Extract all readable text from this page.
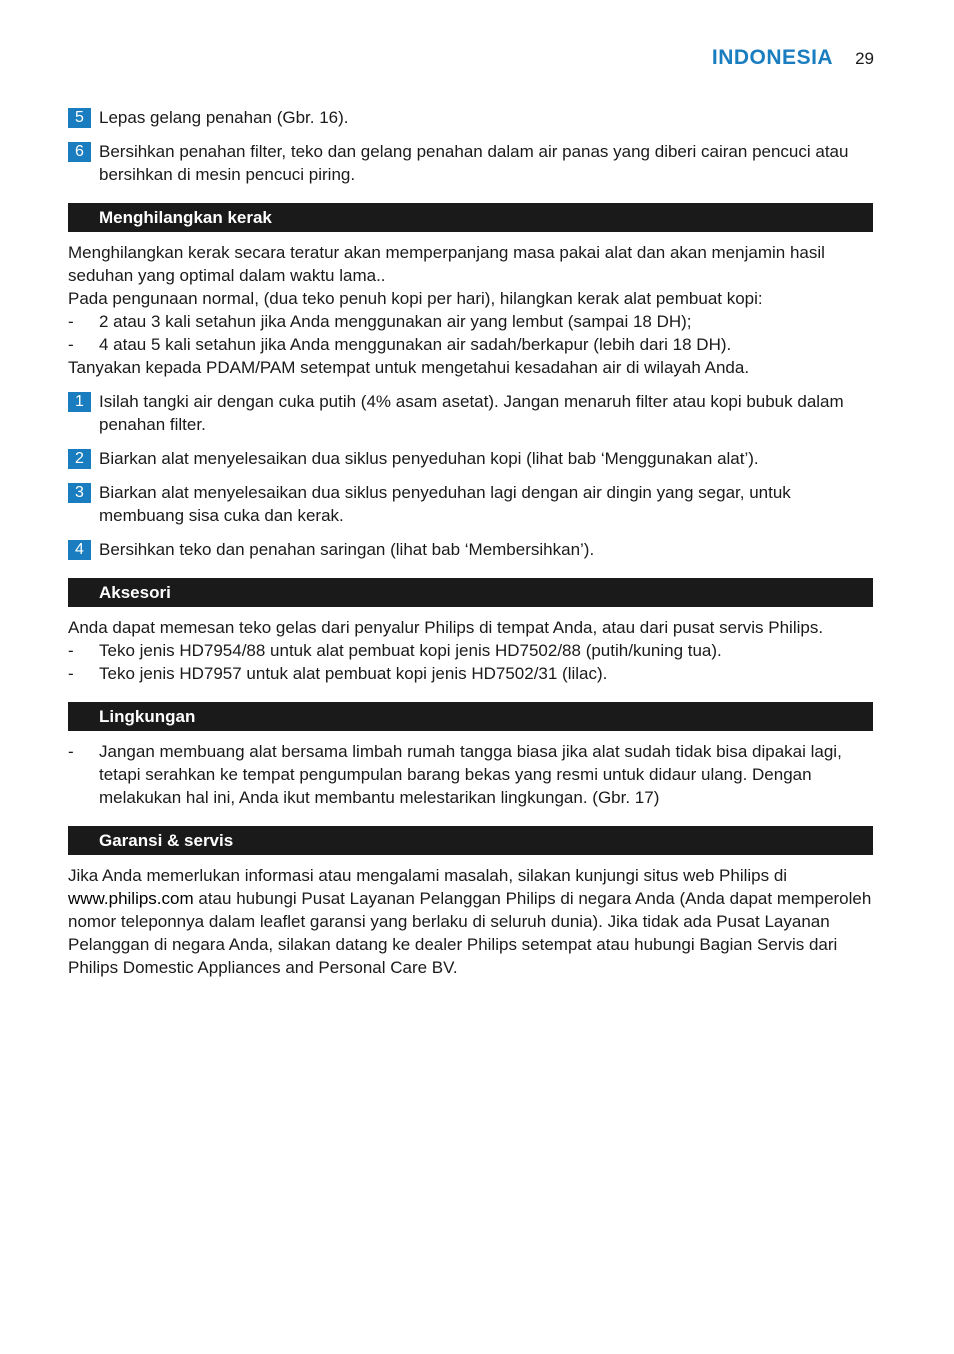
INDONESIA 29
5 Lepas gelang penahan (Gbr. 16).
6 Bersihkan penahan filter, teko dan gelang penahan dalam air panas yang diberi cairan pencuci atau bersihkan di mesin pencuci piring.
Menghilangkan kerak

Menghilangkan kerak secara teratur akan memperpanjang masa pakai alat dan akan menjamin hasil seduhan yang optimal dalam waktu lama..

Pada pengunaan normal, (dua teko penuh kopi per hari), hilangkan kerak alat pembuat kopi:

- 2 atau 3 kali setahun jika Anda menggunakan air yang lembut (sampai 18 DH);
- 4 atau 5 kali setahun jika Anda menggunakan air sadah/berkapur (lebih dari 18 DH).

Tanyakan kepada PDAM/PAM setempat untuk mengetahui kesadahan air di wilayah Anda.

1 Isilah tangki air dengan cuka putih (4% asam asetat). Jangan menaruh filter atau kopi bubuk dalam penahan filter.
2 Biarkan alat menyelesaikan dua siklus penyeduhan kopi (lihat bab ‘Menggunakan alat’).
3 Biarkan alat menyelesaikan dua siklus penyeduhan lagi dengan air dingin yang segar, untuk membuang sisa cuka dan kerak.
4 Bersihkan teko dan penahan saringan (lihat bab ‘Membersihkan’).
Aksesori

Anda dapat memesan teko gelas dari penyalur Philips di tempat Anda, atau dari pusat servis Philips.

- Teko jenis HD7954/88 untuk alat pembuat kopi jenis HD7502/88 (putih/kuning tua).
- Teko jenis HD7957 untuk alat pembuat kopi jenis HD7502/31 (lilac).
Lingkungan
- Jangan membuang alat bersama limbah rumah tangga biasa jika alat sudah tidak bisa dipakai lagi, tetapi serahkan ke tempat pengumpulan barang bekas yang resmi untuk didaur ulang. Dengan melakukan hal ini, Anda ikut membantu melestarikan lingkungan. (Gbr. 17)
Garansi & servis

Jika Anda memerlukan informasi atau mengalami masalah, silakan kunjungi situs web Philips di www.philips.com atau hubungi Pusat Layanan Pelanggan Philips di negara Anda (Anda dapat memperoleh nomor teleponnya dalam leaflet garansi yang berlaku di seluruh dunia). Jika tidak ada Pusat Layanan Pelanggan di negara Anda, silakan datang ke dealer Philips setempat atau hubungi Bagian Servis dari Philips Domestic Appliances and Personal Care BV.
